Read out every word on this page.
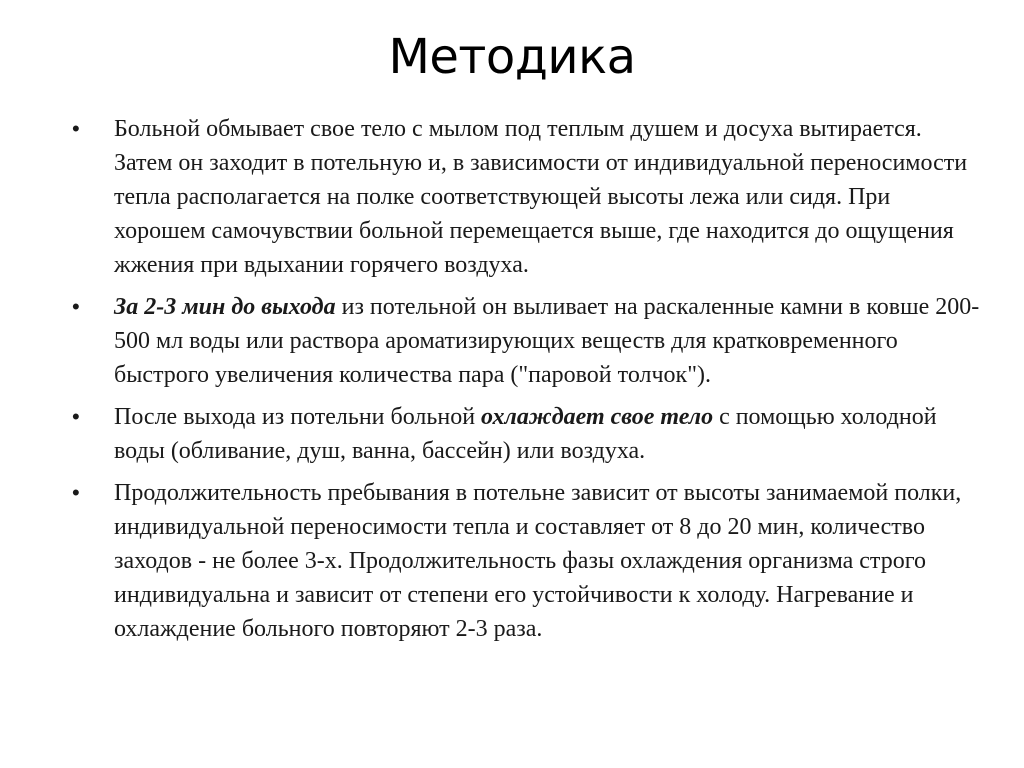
Методика
• Больной обмывает свое тело с мылом под теплым душем и досуха вытирается. Затем он заходит в потельную и, в зависимости от индивидуальной переносимости тепла располагается на полке соответствующей высоты лежа или сидя. При хорошем самочувствии больной перемещается выше, где находится до ощущения жжения при вдыхании горячего воздуха.
• За 2-3 мин до выхода из потельной он выливает на раскаленные камни в ковше 200-500 мл воды или раствора ароматизирующих веществ для кратковременного быстрого увеличения количества пара ("паровой толчок").
• После выхода из потельни больной охлаждает свое тело с помощью холодной воды (обливание, душ, ванна, бассейн) или воздуха.
• Продолжительность пребывания в потельне зависит от высоты занимаемой полки, индивидуальной переносимости тепла и составляет от 8 до 20 мин, количество заходов - не более 3-х. Продолжительность фазы охлаждения организма строго индивидуальна и зависит от степени его устойчивости к холоду. Нагревание и охлаждение больного повторяют 2-3 раза.
